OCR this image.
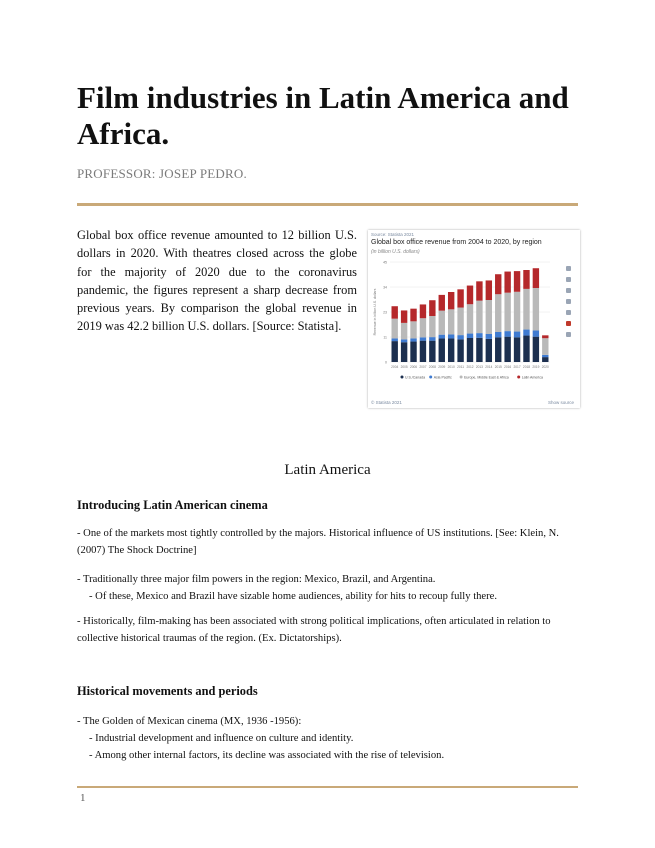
Film industries in Latin America and Africa.
PROFESSOR: JOSEP PEDRO.

Global box office revenue amounted to 12 billion U.S. dollars in 2020. With theatres closed across the globe for the majority of 2020 due to the coronavirus pandemic, the figures represent a sharp decrease from previous years. By comparison the global revenue in 2019 was 42.2 billion U.S. dollars. [Source: Statista].

Source: Statista 2021
Global box office revenue from 2004 to 2020, by region
(in billion U.S. dollars)
2004 2005 2006 2007 2008 2009 2010 2011 2012 2013 2014 2015 2016 2017 2018 2019 2020
0
11
23
34
45
Revenue in billion U.S. dollars
U.S./Canada Asia Pacific	Europe, Middle East & Africa	Latin America
© Statista 2021	Show source
Latin America
Introducing Latin American cinema

- One of the markets most tightly controlled by the majors. Historical influence of US institutions. [See: Klein, N. (2007) The Shock Doctrine]

- Traditionally three major film powers in the region: Mexico, Brazil, and Argentina.
- Of these, Mexico and Brazil have sizable home audiences, ability for hits to recoup fully there.

- Historically, film-making has been associated with strong political implications, often articulated in relation to collective historical traumas of the region. (Ex. Dictatorships).

Historical movements and periods
- The Golden of Mexican cinema (MX, 1936 -1956):
- Industrial development and influence on culture and identity.
- Among other internal factors, its decline was associated with the rise of television.
1
